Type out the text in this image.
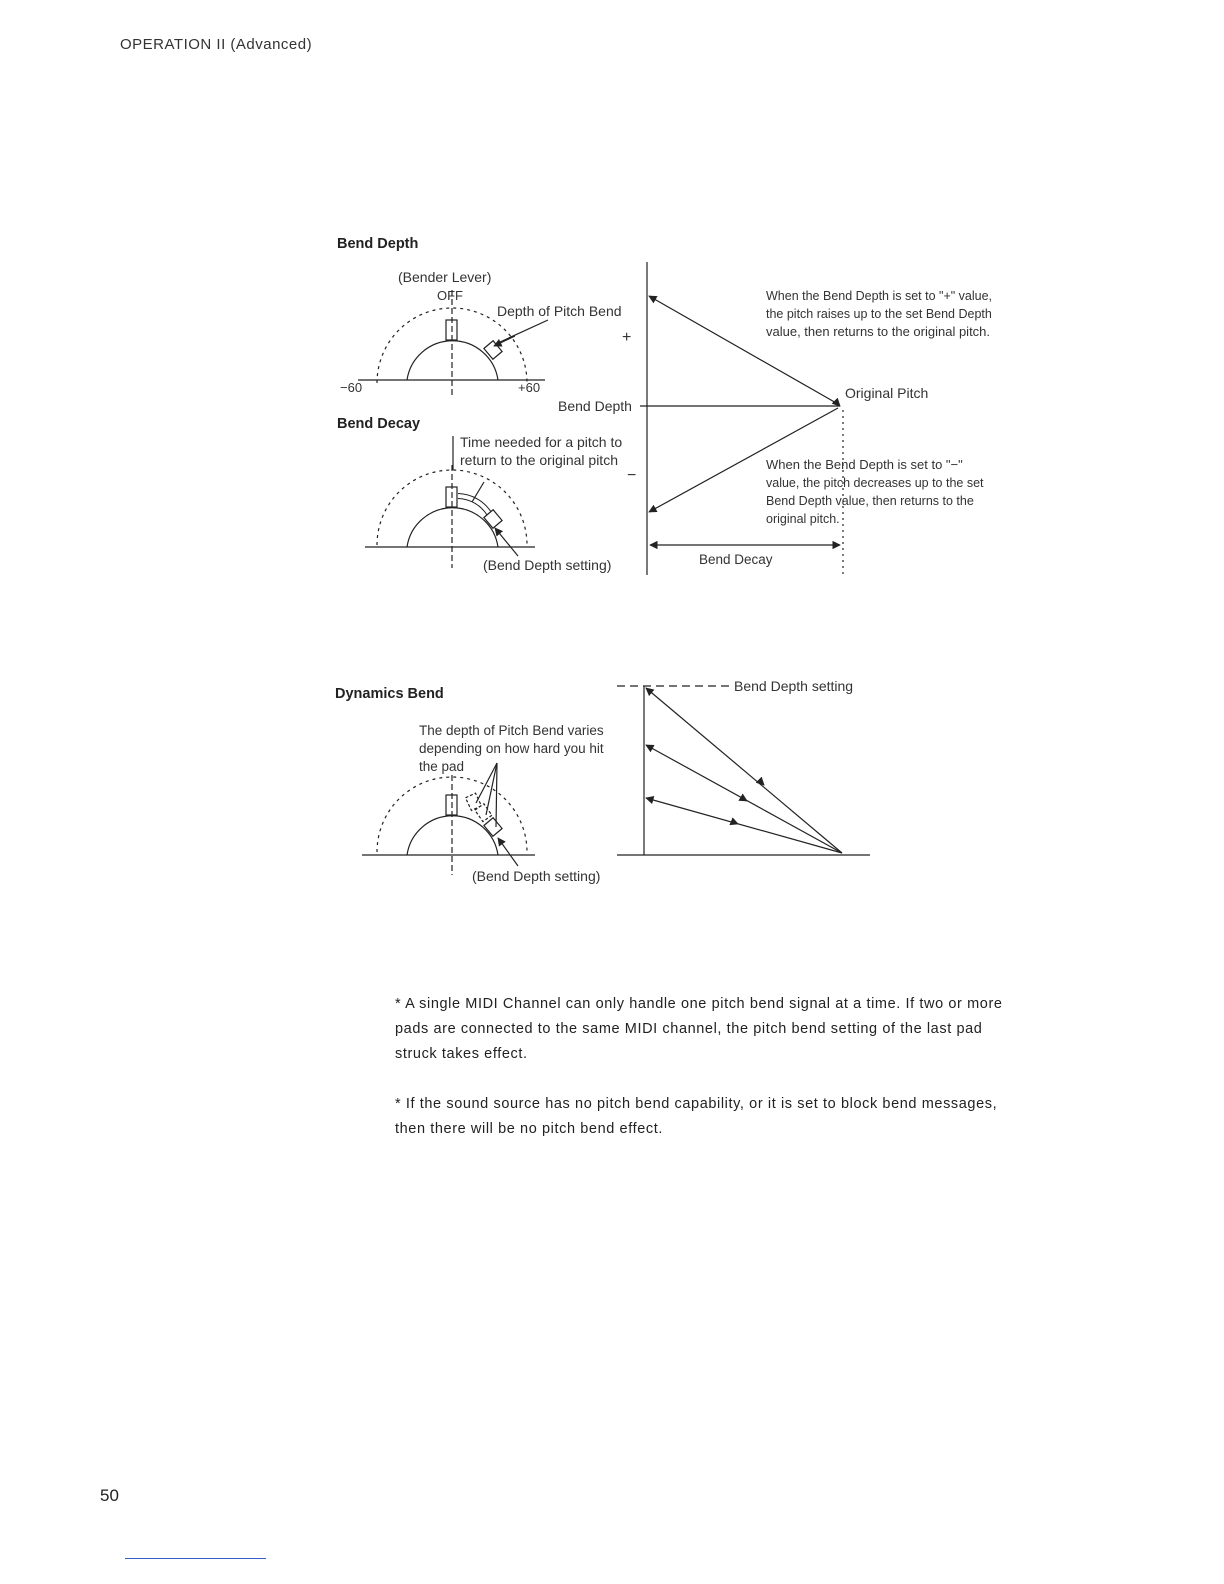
OPERATION II (Advanced)
Bend Depth
Bend Decay
Dynamics Bend
(Bender Lever)
OFF
Depth of Pitch Bend
+
−60	+60
Bend Depth
Original Pitch
−
When the Bend Depth is set to "+" value,
the pitch raises up to the set Bend Depth
value, then returns to the original pitch.
When the Bend Depth is set to "−"
value, the pitch decreases up to the set
Bend Depth value, then returns to the
original pitch.
Bend Decay
Time needed for a pitch to
return to the original pitch
(Bend Depth setting)
The depth of Pitch Bend varies
depending on how hard you hit
the pad
(Bend Depth setting)
Bend Depth setting

* A single MIDI Channel can only handle one pitch bend signal at a time. If two or more pads are connected to the same MIDI channel, the pitch bend setting of the last pad struck takes effect.

* If the sound source has no pitch bend capability, or it is set to block bend messages, then there will be no pitch bend effect.

50
